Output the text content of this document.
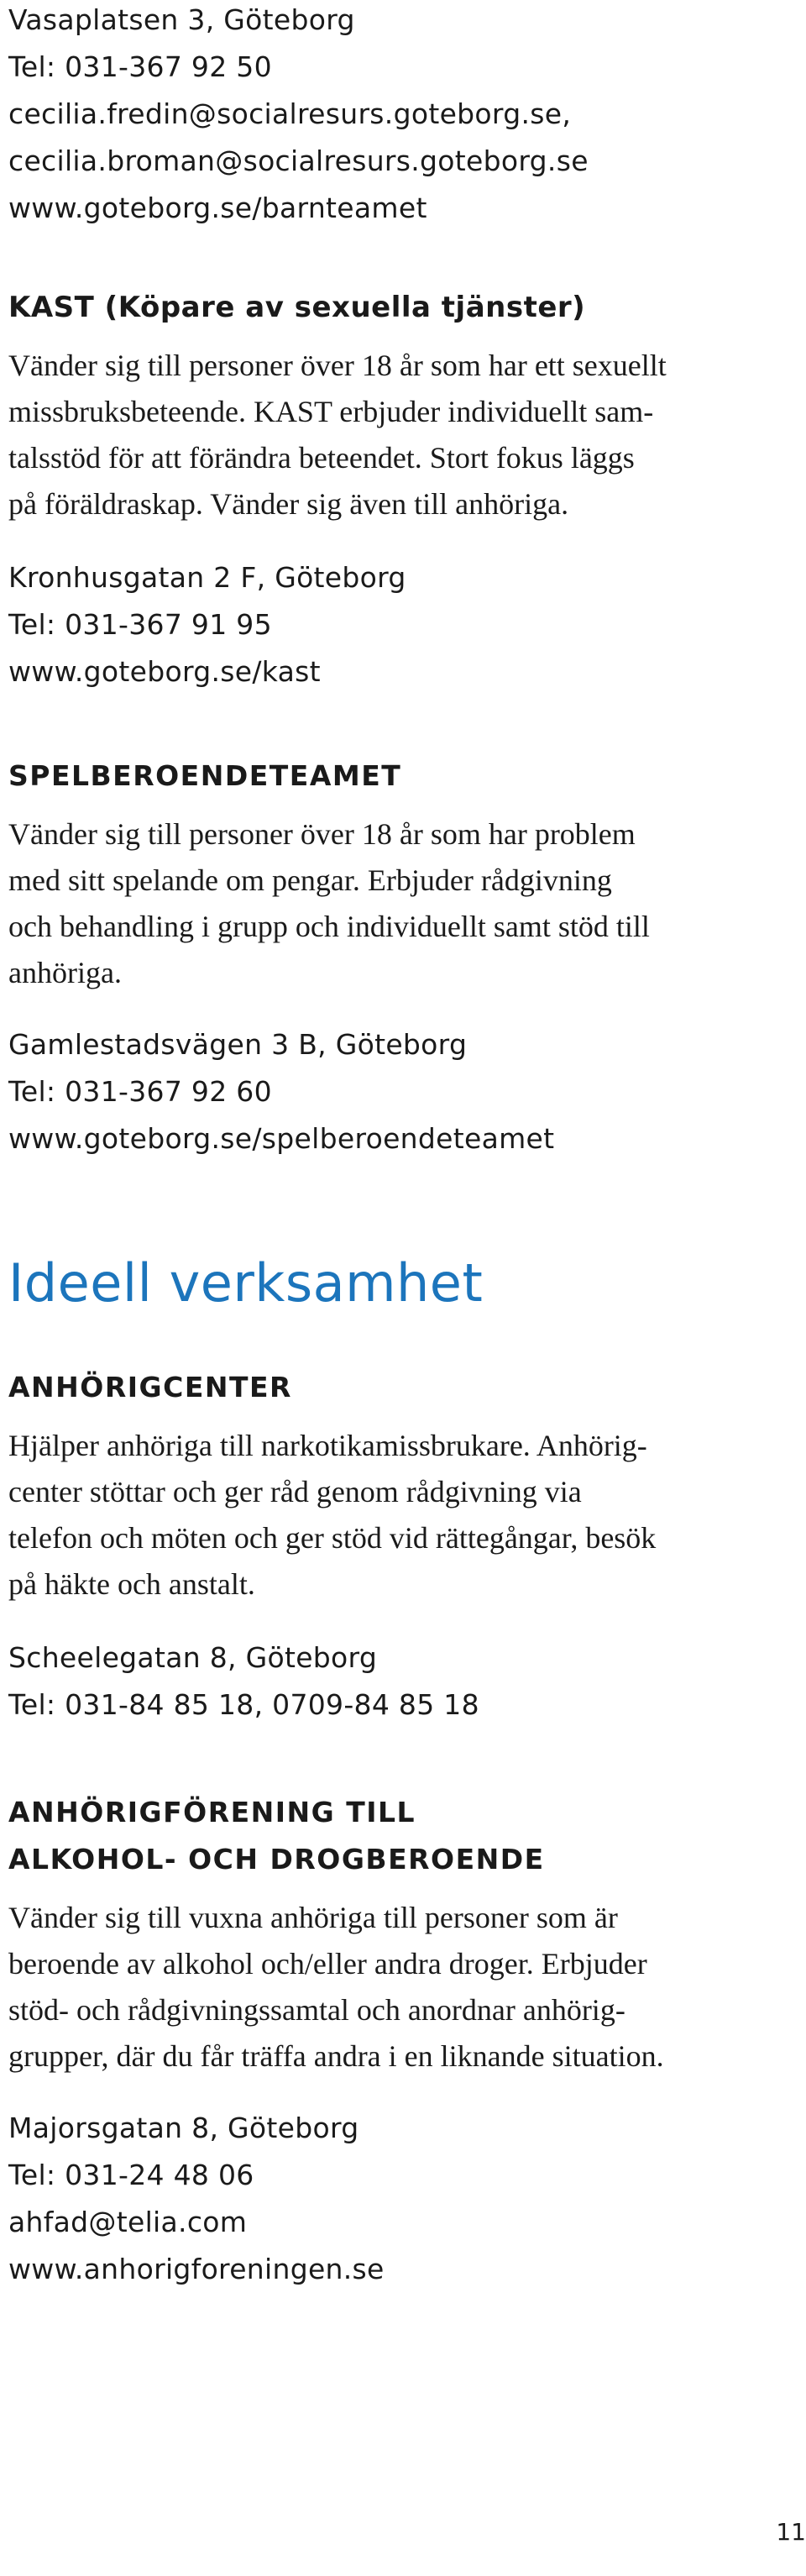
Vasaplatsen 3, Göteborg
Tel: 031-367 92 50
cecilia.fredin@socialresurs.goteborg.se,
cecilia.broman@socialresurs.goteborg.se
www.goteborg.se/barnteamet
KAST (Köpare av sexuella tjänster)
Vänder sig till personer över 18 år som har ett sexuellt
missbruksbeteende. KAST erbjuder individuellt sam-
talsstöd för att förändra beteendet. Stort fokus läggs
på föräldraskap. Vänder sig även till anhöriga.
Kronhusgatan 2 F, Göteborg
Tel: 031-367 91 95
www.goteborg.se/kast
SPELBEROENDETEAMET
Vänder sig till personer över 18 år som har problem
med sitt spelande om pengar. Erbjuder rådgivning
och behandling i grupp och individuellt samt stöd till
anhöriga.
Gamlestadsvägen 3 B, Göteborg
Tel: 031-367 92 60
www.goteborg.se/spelberoendeteamet
Ideell verksamhet
ANHÖRIGCENTER
Hjälper anhöriga till narkotikamissbrukare. Anhörig-
center stöttar och ger råd genom rådgivning via
telefon och möten och ger stöd vid rättegångar, besök
på häkte och anstalt.
Scheelegatan 8, Göteborg
Tel: 031-84 85 18, 0709-84 85 18
ANHÖRIGFÖRENING TILL
ALKOHOL- OCH DROGBEROENDE
Vänder sig till vuxna anhöriga till personer som är
beroende av alkohol och/eller andra droger. Erbjuder
stöd- och rådgivningssamtal och anordnar anhörig-
grupper, där du får träffa andra i en liknande situation.
Majorsgatan 8, Göteborg
Tel: 031-24 48 06
ahfad@telia.com
www.anhorigforeningen.se
11
